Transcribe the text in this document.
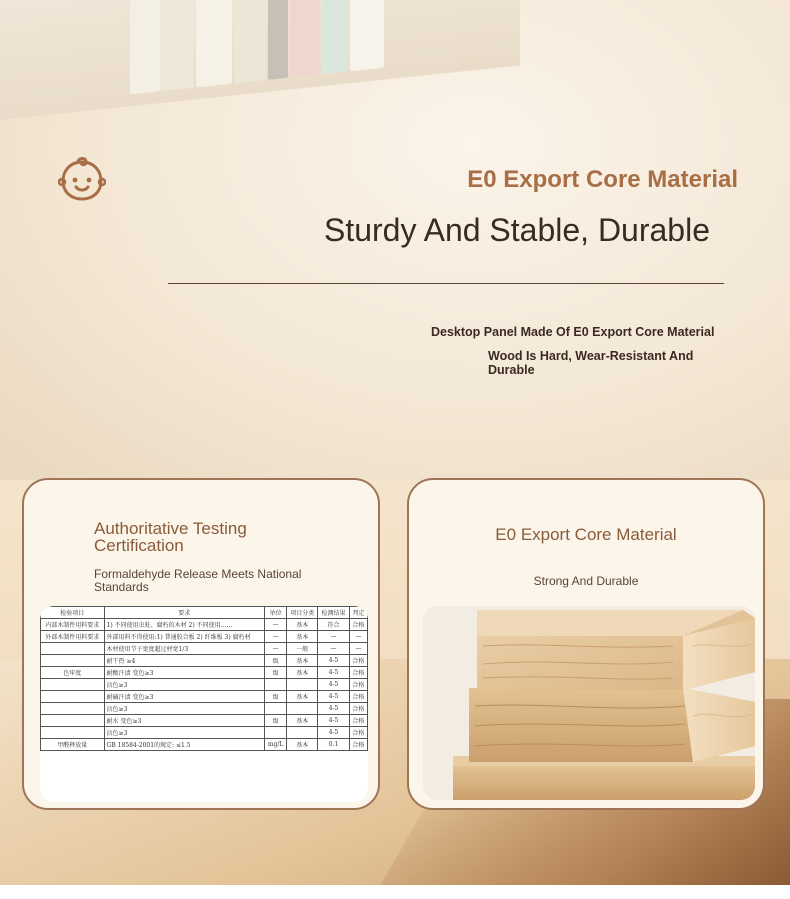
E0 Export Core Material
Sturdy And Stable, Durable

Desktop Panel Made Of E0 Export Core Material

Wood Is Hard, Wear-Resistant And Durable

Authoritative Testing Certification

Formaldehyde Release Meets National Standards

检验项目	要求	单位	项目分类	检测结果	判定
内部木制件用料要求	1) 不同使用虫蛀、腐朽的木材 2) 不同使用……	—	基本	符合	合格
外部木制件用料要求	外部用料不得使用:1) 普通胶合板 2) 纤维板 3) 腐朽材	—	基本	—	—
	木材使用节子宽度超过材宽1/3	—	一般	—	—
	耐干热 ≥4	级	基本	4-5	合格
色牢度	耐酸汗渍 变色≥3	级	基本	4-5	合格
	沾色≥3			4-5	合格
	耐碱汗渍 变色≥3	级	基本	4-5	合格
	沾色≥3			4-5	合格
	耐水 变色≥3	级	基本	4-5	合格
	沾色≥3			4-5	合格
甲醛释放量	GB 18584-2001的规定: ≤1.5	mg/L	基本	0.1	合格
E0 Export Core Material

Strong And Durable
